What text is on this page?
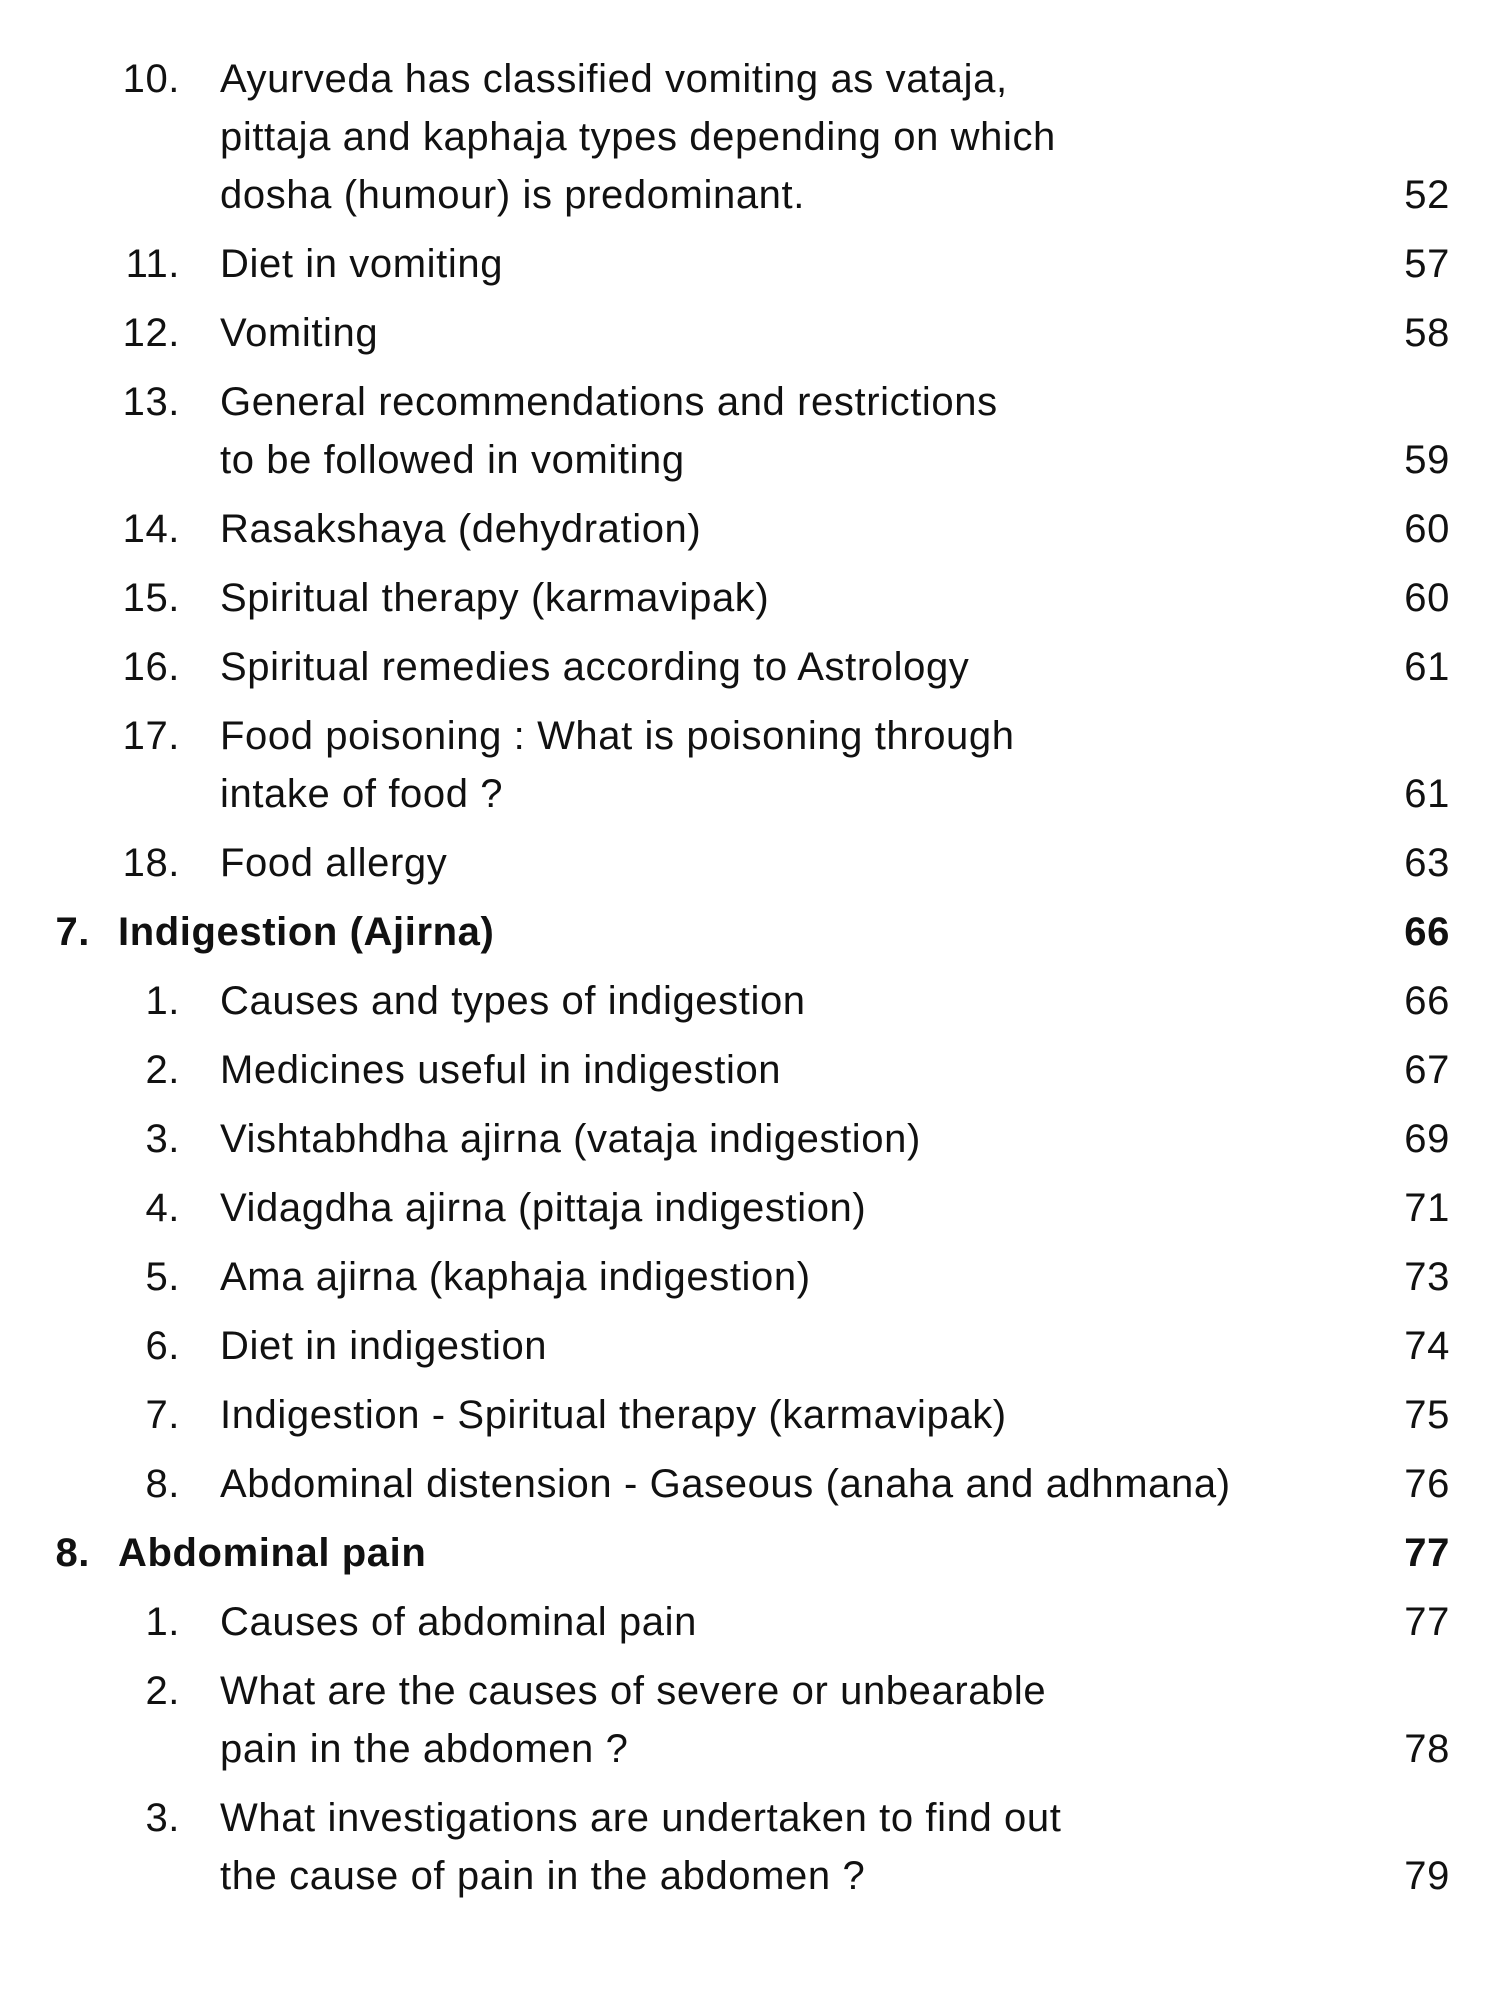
10. Ayurveda has classified vomiting as vataja,
pittaja and kaphaja types depending on which
dosha (humour) is predominant.	52
11. Diet in vomiting	57
12. Vomiting	58
13. General recommendations and restrictions
to be followed in vomiting	59
14. Rasakshaya (dehydration)	60
15. Spiritual therapy (karmavipak)	60
16. Spiritual remedies according to Astrology	61
17. Food poisoning : What is poisoning through
intake of food ?	61
18. Food allergy	63
7. Indigestion (Ajirna)	66
1. Causes and types of indigestion	66
2. Medicines useful in indigestion	67
3. Vishtabhdha ajirna (vataja indigestion)	69
4. Vidagdha ajirna (pittaja indigestion)	71
5. Ama ajirna (kaphaja indigestion)	73
6. Diet in indigestion	74
7. Indigestion - Spiritual therapy (karmavipak)	75
8. Abdominal distension - Gaseous (anaha and adhmana)	76
8. Abdominal pain	77
1. Causes of abdominal pain	77
2. What are the causes of severe or unbearable
pain in the abdomen ?	78
3. What investigations are undertaken to find out
the cause of pain in the abdomen ?	79
